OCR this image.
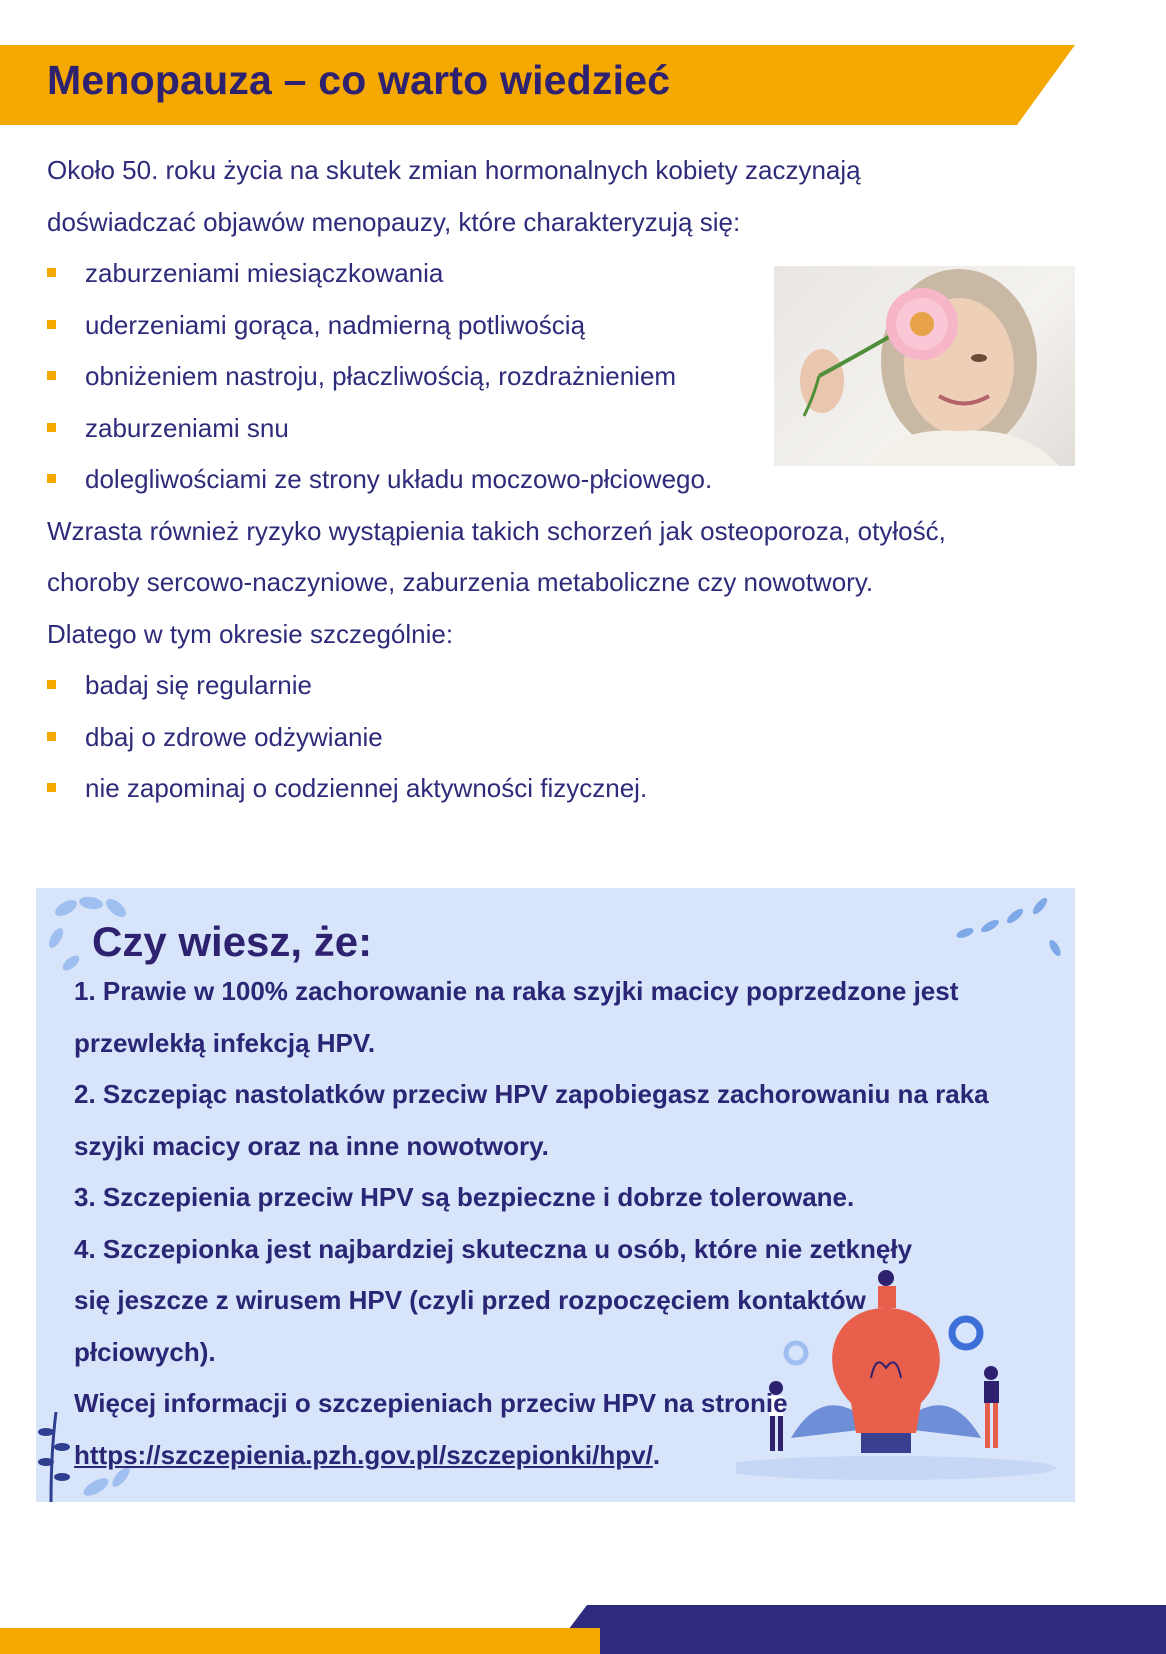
Menopauza – co warto wiedzieć

Około 50. roku życia na skutek zmian hormonalnych kobiety zaczynają

doświadczać objawów menopauzy, które charakteryzują się:

zaburzeniami miesiączkowania
uderzeniami gorąca, nadmierną potliwością
obniżeniem nastroju, płaczliwością, rozdrażnieniem
zaburzeniami snu
dolegliwościami ze strony układu moczowo-płciowego.

Wzrasta również ryzyko wystąpienia takich schorzeń jak osteoporoza, otyłość,

choroby sercowo-naczyniowe, zaburzenia metaboliczne czy nowotwory.

Dlatego w tym okresie szczególnie:

badaj się regularnie
dbaj o zdrowe odżywianie
nie zapominaj o codziennej aktywności fizycznej.
Czy wiesz, że:

1. Prawie w 100% zachorowanie na raka szyjki macicy poprzedzone jest

przewlekłą infekcją HPV.

2. Szczepiąc nastolatków przeciw HPV zapobiegasz zachorowaniu na raka

szyjki macicy oraz na inne nowotwory.

3. Szczepienia przeciw HPV są bezpieczne i dobrze tolerowane.

4. Szczepionka jest najbardziej skuteczna u osób, które nie zetknęły

się jeszcze z wirusem HPV (czyli przed rozpoczęciem kontaktów

płciowych).

Więcej informacji o szczepieniach przeciw HPV na stronie

https://szczepienia.pzh.gov.pl/szczepionki/hpv/.
